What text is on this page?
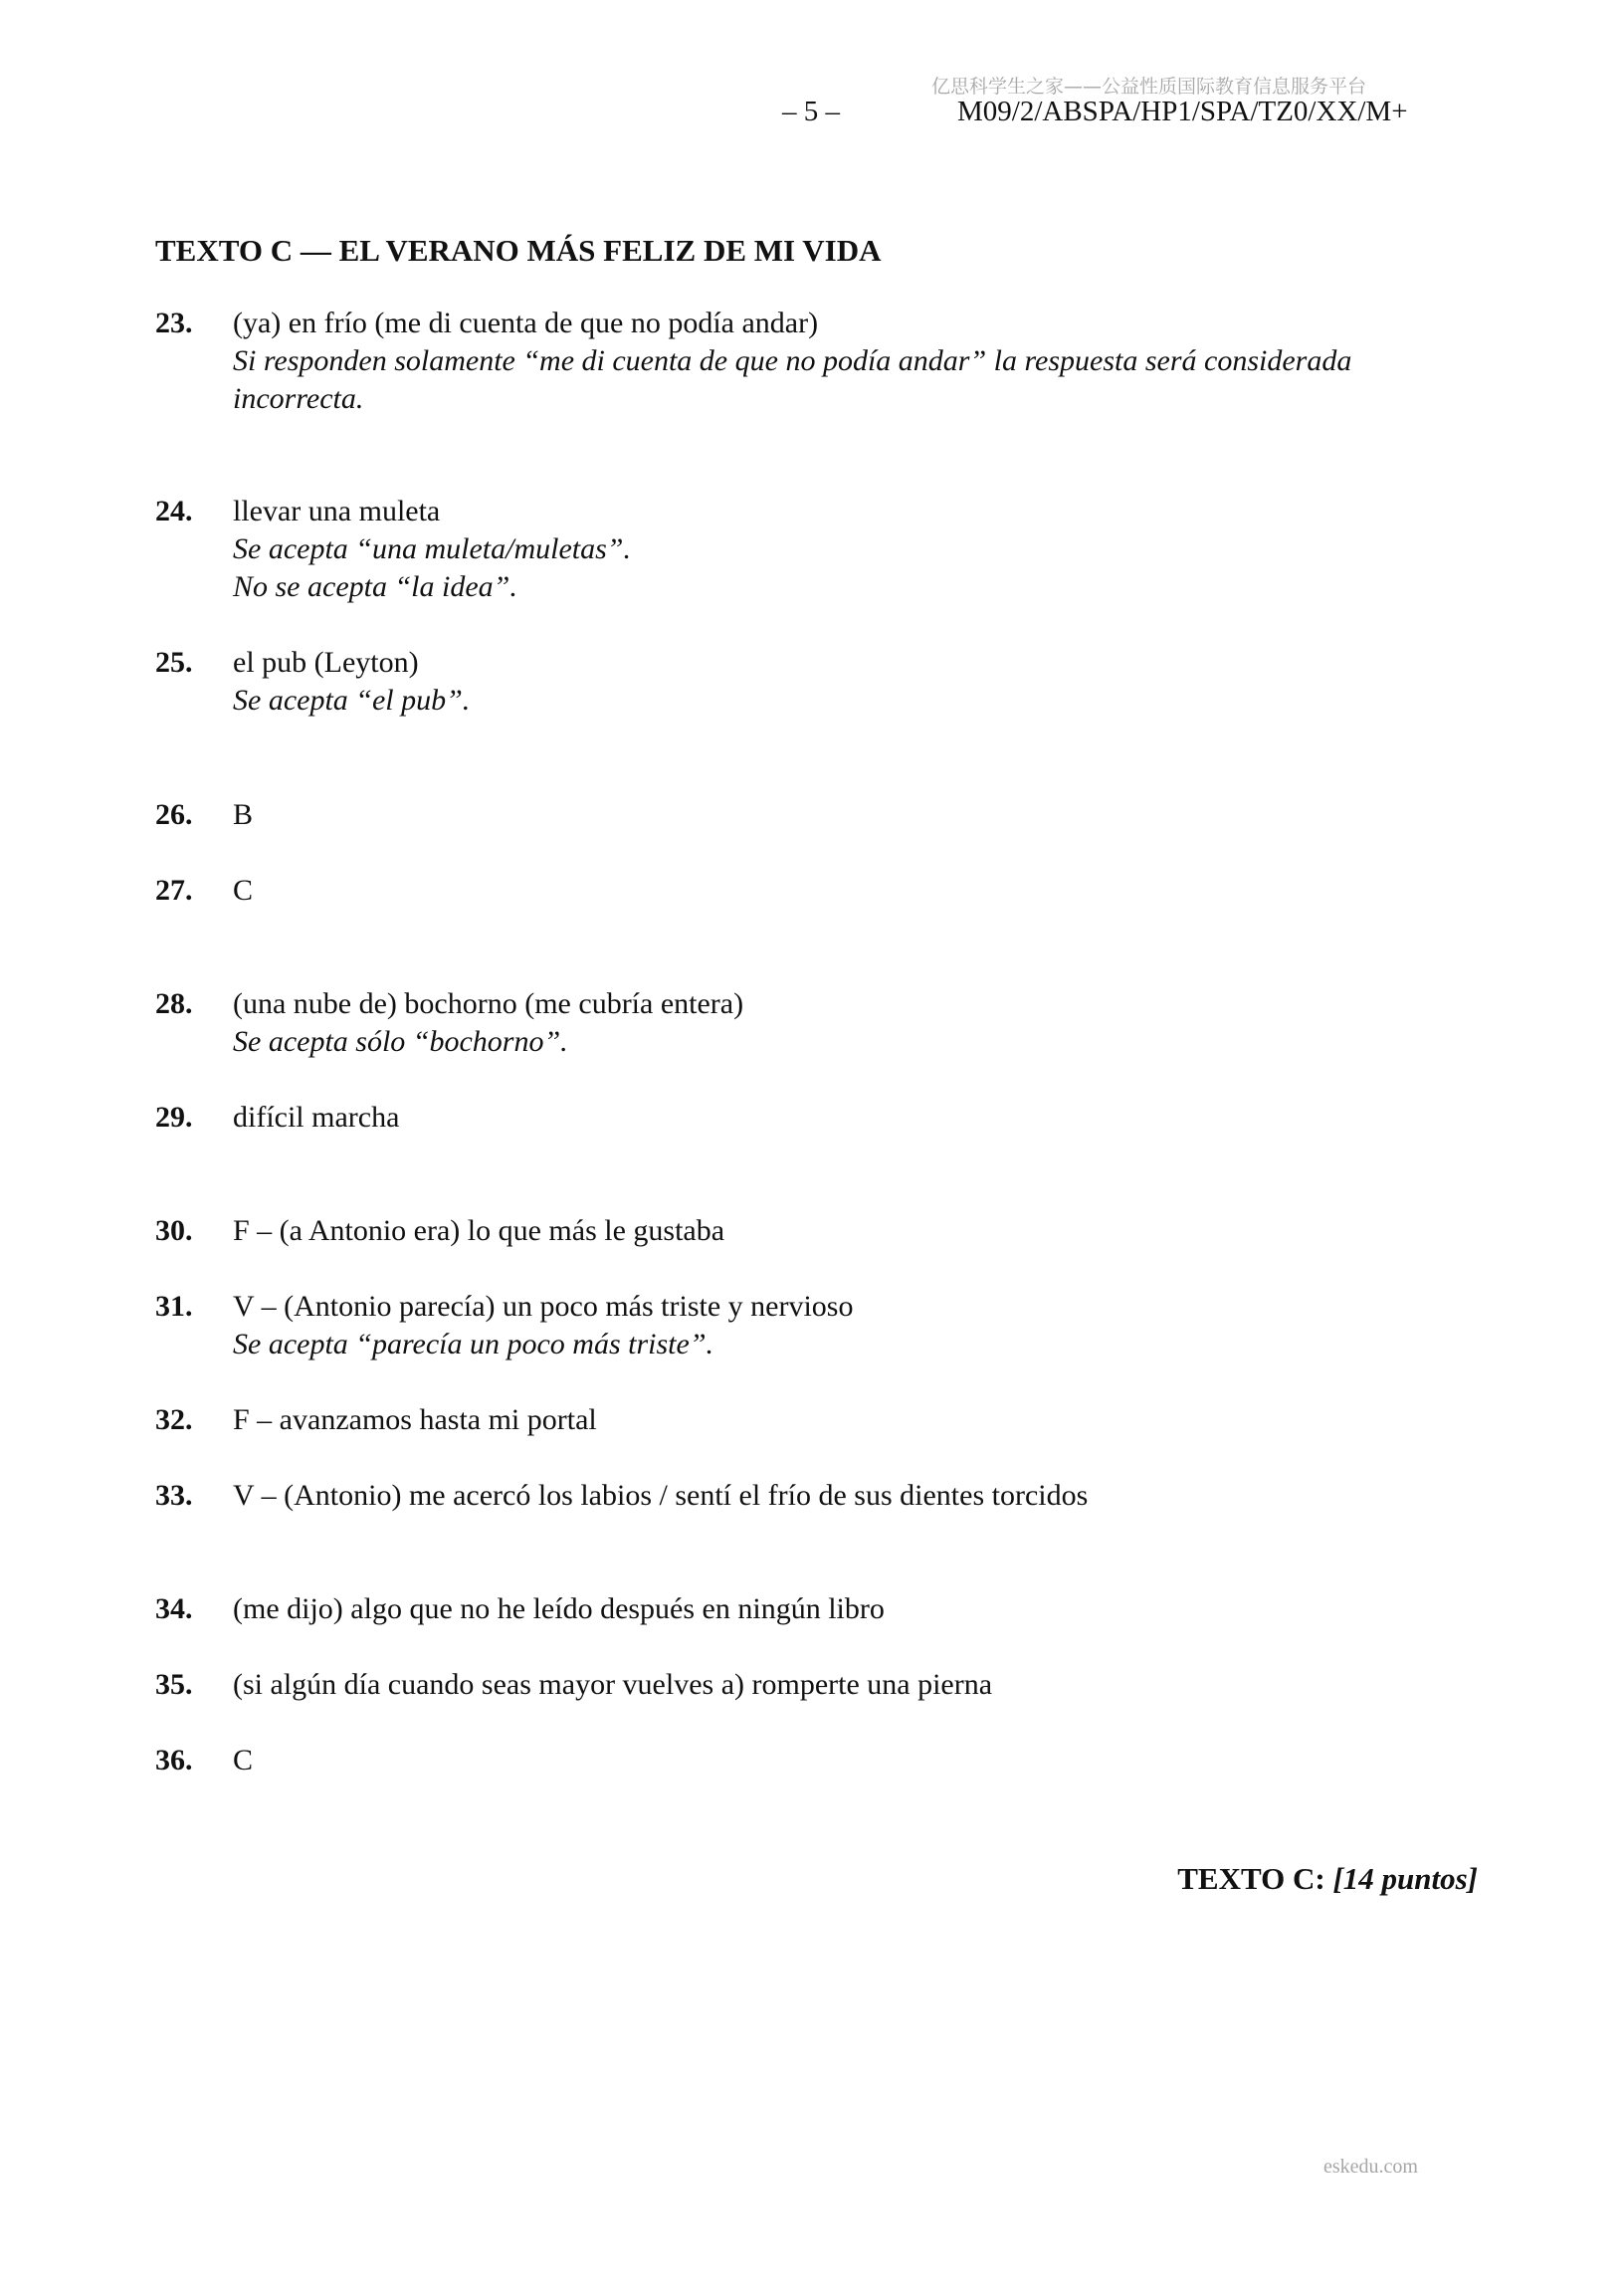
亿思科学生之家——公益性质国际教育信息服务平台
– 5 –	M09/2/ABSPA/HP1/SPA/TZ0/XX/M+
TEXTO C — EL VERANO MÁS FELIZ DE MI VIDA
23. (ya) en frío (me di cuenta de que no podía andar)
Si responden solamente “me di cuenta de que no podía andar” la respuesta será considerada incorrecta.
24. llevar una muleta
Se acepta “una muleta/muletas”.
No se acepta “la idea”.
25. el pub (Leyton)
Se acepta “el pub”.
26. B
27. C
28. (una nube de) bochorno (me cubría entera)
Se acepta sólo “bochorno”.
29. difícil marcha
30. F – (a Antonio era) lo que más le gustaba
31. V – (Antonio parecía) un poco más triste y nervioso
Se acepta “parecía un poco más triste”.
32. F – avanzamos hasta mi portal
33. V – (Antonio) me acercó los labios / sentí el frío de sus dientes torcidos
34. (me dijo) algo que no he leído después en ningún libro
35. (si algún día cuando seas mayor vuelves a) romperte una pierna
36. C
TEXTO C: [14 puntos]
eskedu.com
